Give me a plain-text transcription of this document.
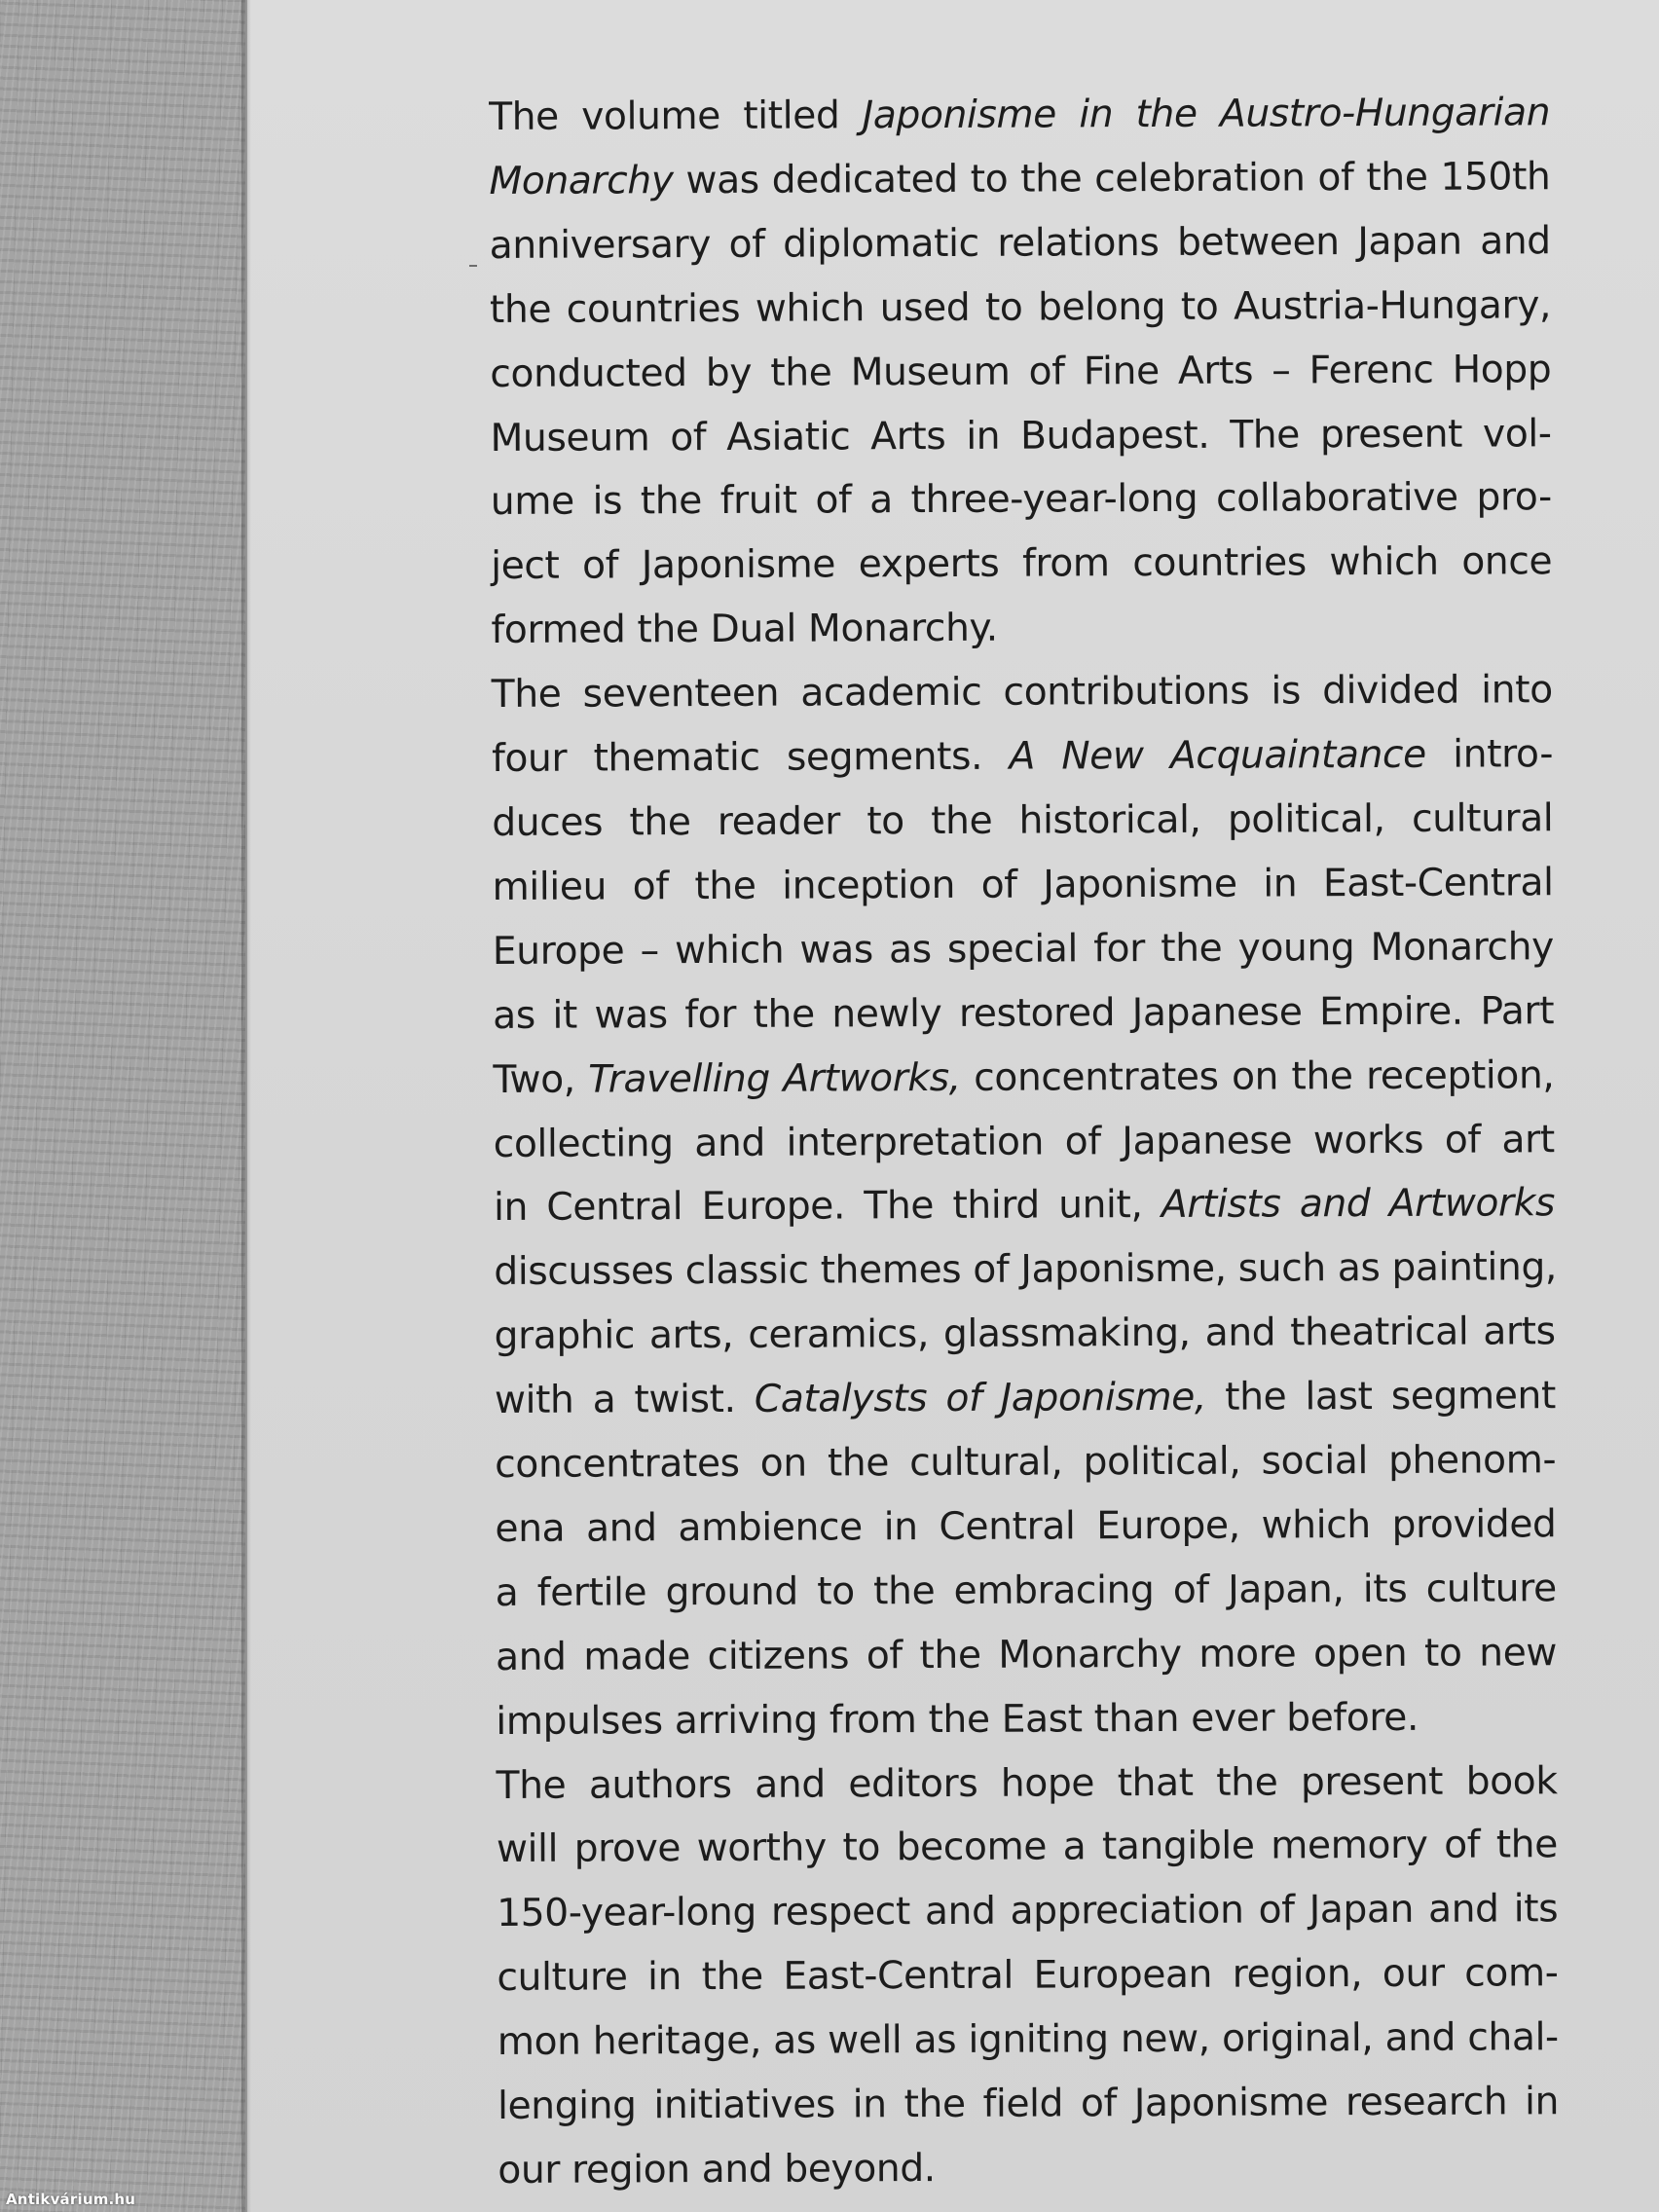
The volume titled Japonisme in the Austro-Hungarian
Monarchy was dedicated to the celebration of the 150th
anniversary of diplomatic relations between Japan and
the countries which used to belong to Austria-Hungary,
conducted by the Museum of Fine Arts – Ferenc Hopp
Museum of Asiatic Arts in Budapest. The present vol-
ume is the fruit of a three-year-long collaborative pro-
ject of Japonisme experts from countries which once
formed the Dual Monarchy.
The seventeen academic contributions is divided into
four thematic segments. A New Acquaintance intro-
duces the reader to the historical, political, cultural
milieu of the inception of Japonisme in East-Central
Europe – which was as special for the young Monarchy
as it was for the newly restored Japanese Empire. Part
Two, Travelling Artworks, concentrates on the reception,
collecting and interpretation of Japanese works of art
in Central Europe. The third unit, Artists and Artworks
discusses classic themes of Japonisme, such as painting,
graphic arts, ceramics, glassmaking, and theatrical arts
with a twist. Catalysts of Japonisme, the last segment
concentrates on the cultural, political, social phenom-
ena and ambience in Central Europe, which provided
a fertile ground to the embracing of Japan, its culture
and made citizens of the Monarchy more open to new
impulses arriving from the East than ever before.
The authors and editors hope that the present book
will prove worthy to become a tangible memory of the
150-year-long respect and appreciation of Japan and its
culture in the East-Central European region, our com-
mon heritage, as well as igniting new, original, and chal-
lenging initiatives in the field of Japonisme research in
our region and beyond.
Antikvárium.hu
